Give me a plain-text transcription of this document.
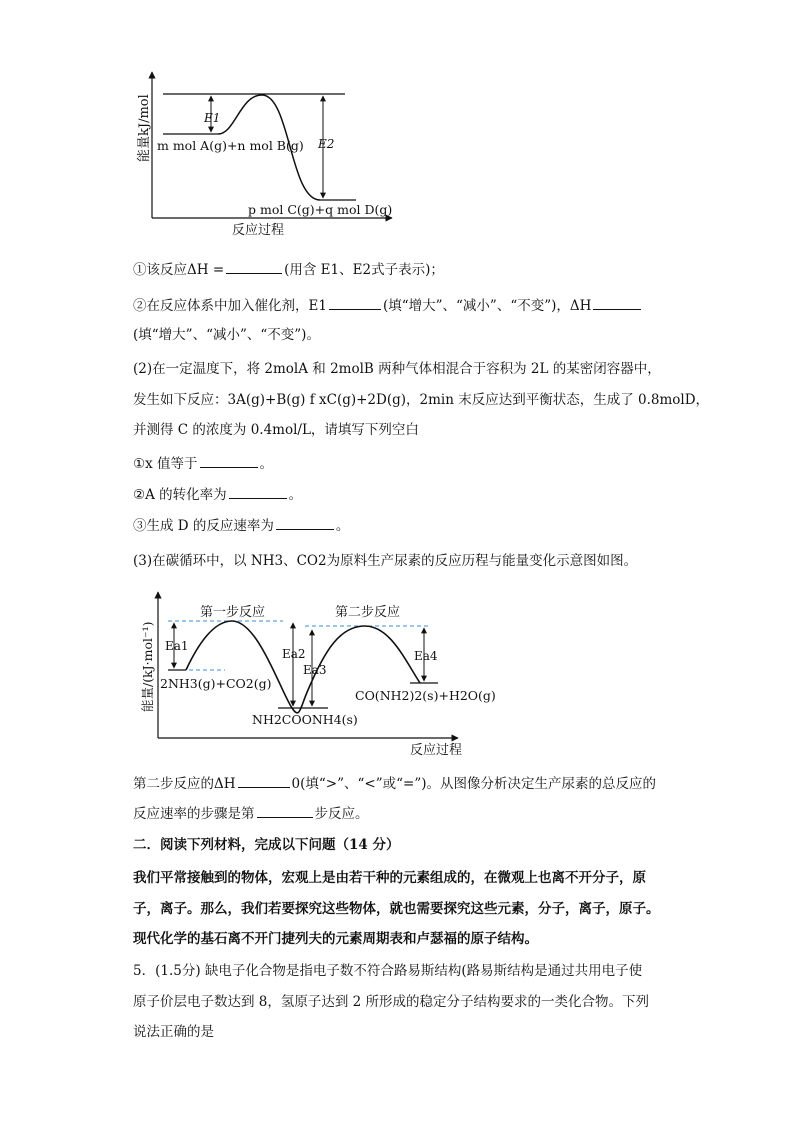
E1
E2
能量kJ/mol m mol A(g)+n mol B(g)
p mol C(g)+q mol D(g)
反应过程
①该反应ΔH =	(用含 E1、E2式子表示)；
②在反应体系中加入催化剂，E1	(填“增大”、“减小”、“不变”)，ΔH
(填“增大”、“减小”、“不变”)。
(2)在一定温度下，将 2molA 和 2molB 两种气体相混合于容积为 2L 的某密闭容器中，
发生如下反应：3A(g)+B(g) f xC(g)+2D(g)，2min 末反应达到平衡状态，生成了 0.8molD，
并测得 C 的浓度为 0.4mol/L，请填写下列空白
①x 值等于	。
②A 的转化率为	。
③生成 D 的反应速率为	。
(3)在碳循环中，以 NH3、CO2为原料生产尿素的反应历程与能量变化示意图如图。
第一步反应	第二步反应
Ea1
Ea2
Ea3
Ea4
能量/(kJ·mol⁻¹) 2NH3(g)+CO2(g)
NH2COONH4(s)
CO(NH2)2(s)+H2O(g)
反应过程
第二步反应的ΔH	0(填“>”、“<”或“=”)。从图像分析决定生产尿素的总反应的
反应速率的步骤是第	步反应。
二．阅读下列材料，完成以下问题（14 分）
我们平常接触到的物体，宏观上是由若干种的元素组成的，在微观上也离不开分子，原
子，离子。那么，我们若要探究这些物体，就也需要探究这些元素，分子，离子，原子。
现代化学的基石离不开门捷列夫的元素周期表和卢瑟福的原子结构。
5．(1.5分) 缺电子化合物是指电子数不符合路易斯结构(路易斯结构是通过共用电子使
原子价层电子数达到 8，氢原子达到 2 所形成的稳定分子结构要求的一类化合物。下列
说法正确的是
